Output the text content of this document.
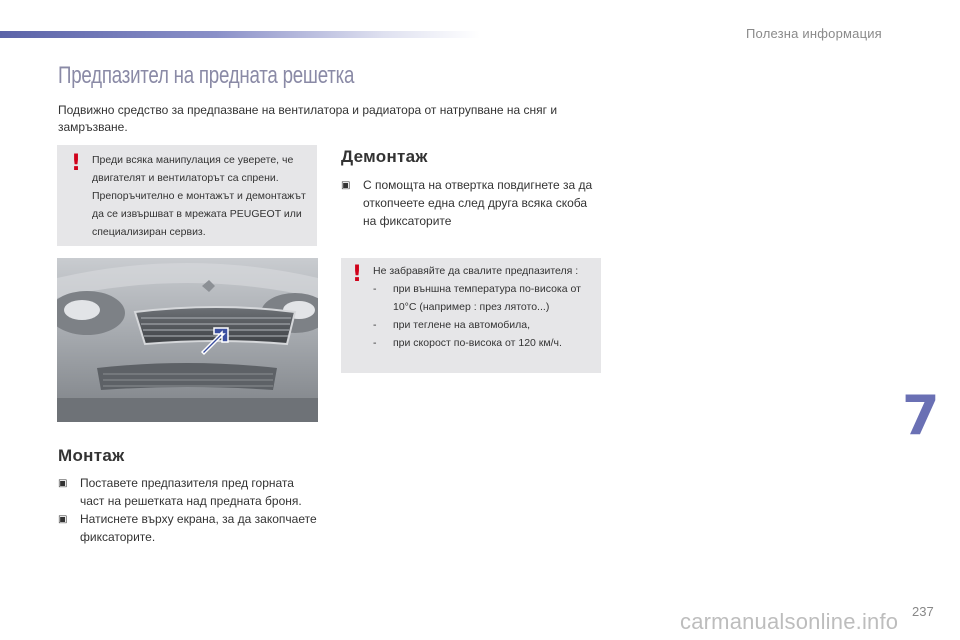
Полезна информация
Предпазител на предната решетка
Подвижно средство за предпазване на вентилатора и радиатора от натрупване на сняг и замръзване.
! Преди всяка манипулация се уверете, че двигателят и вентилаторът са спрени. Препоръчително е монтажът и демонтажът да се извършват в мрежата PEUGEOT или специализиран сервиз.
Монтаж
▣	Поставете предпазителя пред горната част на решетката над предната броня.
▣	Натиснете върху екрана, за да закопчаете фиксаторите.
Демонтаж
▣	С помощта на отвертка повдигнете за да откопчеете една след друга всяка скоба на фиксаторите
! Не забравяйте да свалите предпазителя :
-	при външна температура по-висока от 10°C (например : през лятото...)
-	при теглене на автомобила,
-	при скорост по-висока от 120 км/ч.
7
237
carmanualsonline.info
